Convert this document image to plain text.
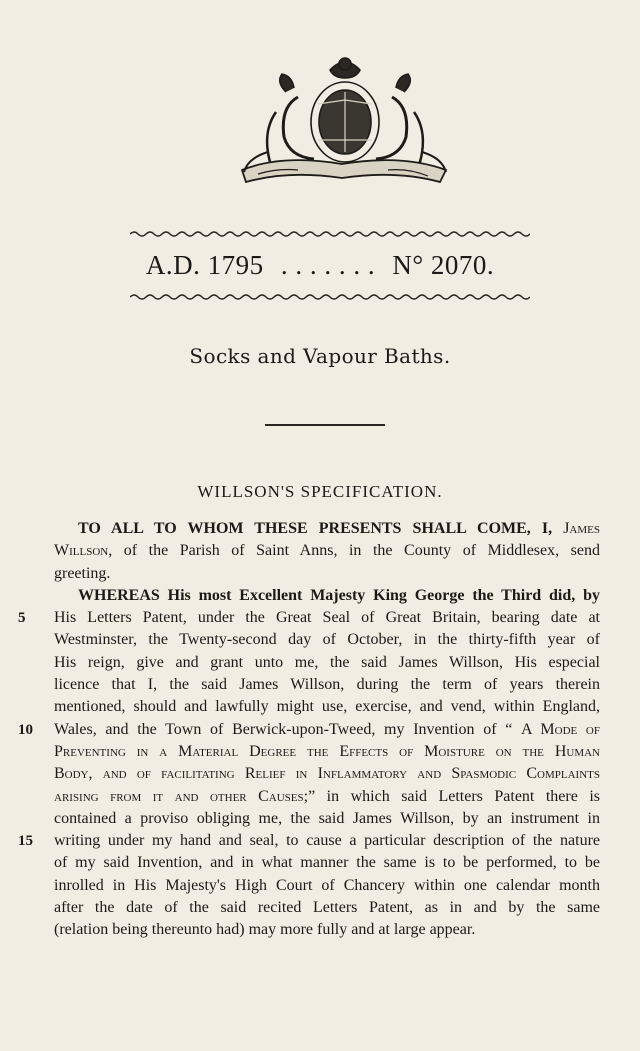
A.D. 1795 . . . . . . . N° 2070.
Socks and Vapour Baths.
WILLSON'S SPECIFICATION.
TO ALL TO WHOM THESE PRESENTS SHALL COME, I, James
Willson, of the Parish of Saint Anns, in the County of Middlesex, send
greeting.
WHEREAS His most Excellent Majesty King George the Third did, by
5	His Letters Patent, under the Great Seal of Great Britain, bearing date at
Westminster, the Twenty-second day of October, in the thirty-fifth year of
His reign, give and grant unto me, the said James Willson, His especial
licence that I, the said James Willson, during the term of years therein
mentioned, should and lawfully might use, exercise, and vend, within England,
10	Wales, and the Town of Berwick-upon-Tweed, my Invention of “ A Mode of
Preventing in a Material Degree the Effects of Moisture on the Human
Body, and of facilitating Relief in Inflammatory and Spasmodic Complaints
arising from it and other Causes;” in which said Letters Patent there is
contained a proviso obliging me, the said James Willson, by an instrument in
15	writing under my hand and seal, to cause a particular description of the nature
of my said Invention, and in what manner the same is to be performed, to be
inrolled in His Majesty's High Court of Chancery within one calendar month
after the date of the said recited Letters Patent, as in and by the same
(relation being thereunto had) may more fully and at large appear.
